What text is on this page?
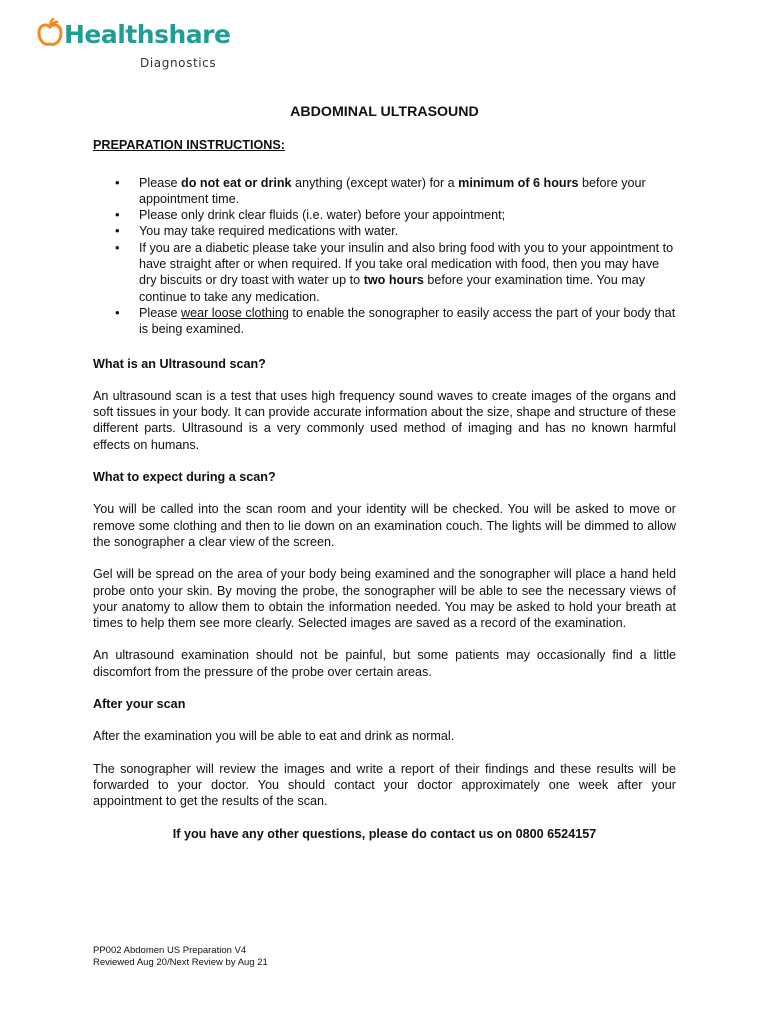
Healthshare
Diagnostics
ABDOMINAL ULTRASOUND
PREPARATION INSTRUCTIONS:
• Please do not eat or drink anything (except water) for a minimum of 6 hours before your appointment time.
• Please only drink clear fluids (i.e. water) before your appointment;
• You may take required medications with water.
• If you are a diabetic please take your insulin and also bring food with you to your appointment to have straight after or when required. If you take oral medication with food, then you may have dry biscuits or dry toast with water up to two hours before your examination time. You may continue to take any medication.
• Please wear loose clothing to enable the sonographer to easily access the part of your body that is being examined.
What is an Ultrasound scan?

An ultrasound scan is a test that uses high frequency sound waves to create images of the organs and soft tissues in your body. It can provide accurate information about the size, shape and structure of these different parts. Ultrasound is a very commonly used method of imaging and has no known harmful effects on humans.

What to expect during a scan?

You will be called into the scan room and your identity will be checked. You will be asked to move or remove some clothing and then to lie down on an examination couch. The lights will be dimmed to allow the sonographer a clear view of the screen.

Gel will be spread on the area of your body being examined and the sonographer will place a hand held probe onto your skin. By moving the probe, the sonographer will be able to see the necessary views of your anatomy to allow them to obtain the information needed. You may be asked to hold your breath at times to help them see more clearly. Selected images are saved as a record of the examination.

An ultrasound examination should not be painful, but some patients may occasionally find a little discomfort from the pressure of the probe over certain areas.

After your scan

After the examination you will be able to eat and drink as normal.

The sonographer will review the images and write a report of their findings and these results will be forwarded to your doctor. You should contact your doctor approximately one week after your appointment to get the results of the scan.

If you have any other questions, please do contact us on 0800 6524157

PP002 Abdomen US Preparation V4
Reviewed Aug 20/Next Review by Aug 21
